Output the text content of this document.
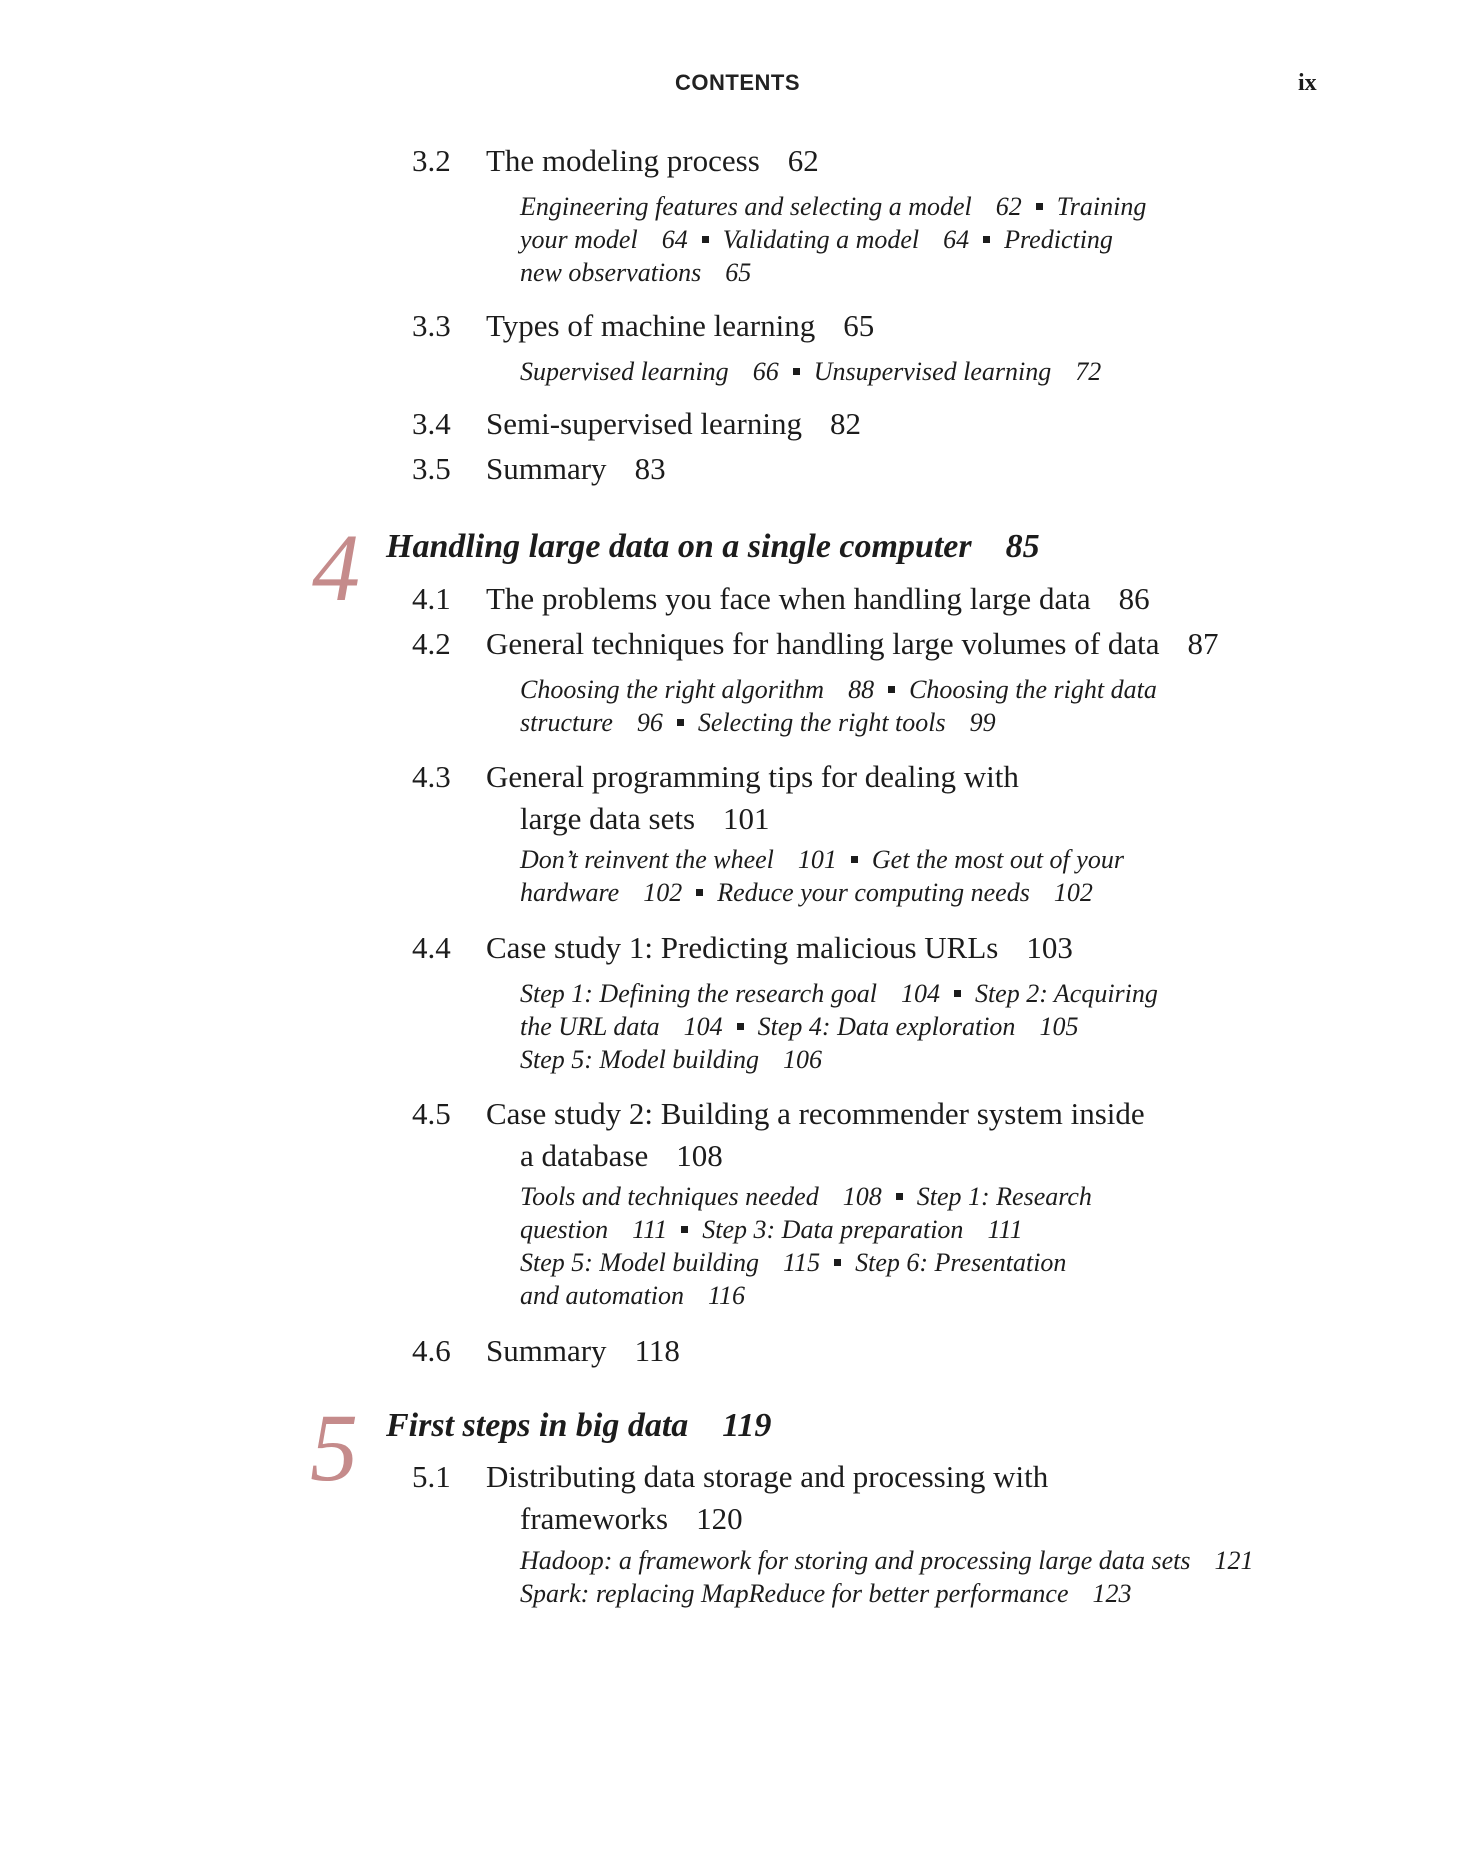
CONTENTS	ix
3.2 The modeling process 62
Engineering features and selecting a model 62 Training
your model 64 Validating a model 64 Predicting
new observations 65
3.3 Types of machine learning 65
Supervised learning 66 Unsupervised learning 72
3.4 Semi-supervised learning 82
3.5 Summary 83
4 Handling large data on a single computer 85
4.1 The problems you face when handling large data 86
4.2 General techniques for handling large volumes of data 87
Choosing the right algorithm 88 Choosing the right data
structure 96 Selecting the right tools 99
4.3 General programming tips for dealing with
large data sets 101
Don’t reinvent the wheel 101 Get the most out of your
hardware 102 Reduce your computing needs 102
4.4 Case study 1: Predicting malicious URLs 103
Step 1: Defining the research goal 104 Step 2: Acquiring
the URL data 104 Step 4: Data exploration 105
Step 5: Model building 106
4.5 Case study 2: Building a recommender system inside
a database 108
Tools and techniques needed 108 Step 1: Research
question 111 Step 3: Data preparation 111
Step 5: Model building 115 Step 6: Presentation
and automation 116
4.6 Summary 118
5 First steps in big data 119
5.1 Distributing data storage and processing with
frameworks 120
Hadoop: a framework for storing and processing large data sets 121
Spark: replacing MapReduce for better performance 123
